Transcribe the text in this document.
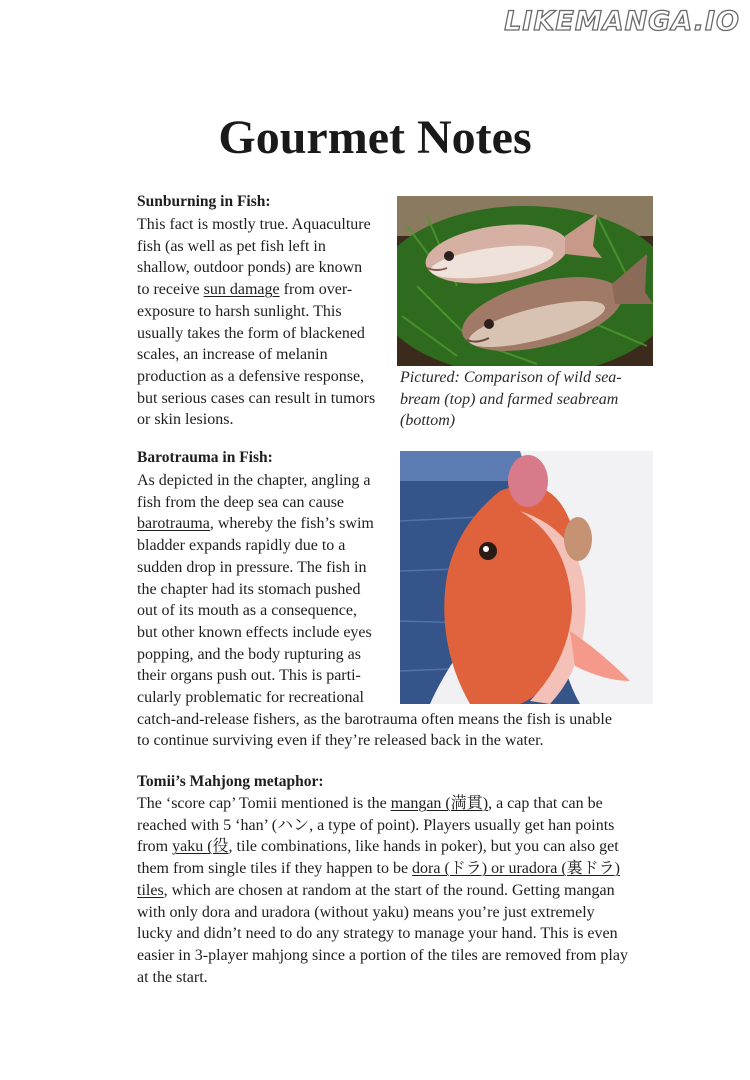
LIKEMANGA.IO
Gourmet Notes
Sunburning in Fish:
This fact is mostly true. Aquaculture
fish (as well as pet fish left in
shallow, outdoor ponds) are known
to receive sun damage from over-
exposure to harsh sunlight. This
usually takes the form of blackened
scales, an increase of melanin
production as a defensive response,
but serious cases can result in tumors
or skin lesions.
Pictured: Comparison of wild sea-
bream (top) and farmed seabream
(bottom)
Barotrauma in Fish:
As depicted in the chapter, angling a
fish from the deep sea can cause
barotrauma, whereby the fish’s swim
bladder expands rapidly due to a
sudden drop in pressure. The fish in
the chapter had its stomach pushed
out of its mouth as a consequence,
but other known effects include eyes
popping, and the body rupturing as
their organs push out. This is parti-
cularly problematic for recreational
catch-and-release fishers, as the barotrauma often means the fish is unable
to continue surviving even if they’re released back in the water.
Tomii’s Mahjong metaphor:
The ‘score cap’ Tomii mentioned is the mangan (満貫), a cap that can be
reached with 5 ‘han’ (ハン, a type of point). Players usually get han points
from yaku (役, tile combinations, like hands in poker), but you can also get
them from single tiles if they happen to be dora (ドラ) or uradora (裏ドラ)
tiles, which are chosen at random at the start of the round. Getting mangan
with only dora and uradora (without yaku) means you’re just extremely
lucky and didn’t need to do any strategy to manage your hand. This is even
easier in 3-player mahjong since a portion of the tiles are removed from play
at the start.
